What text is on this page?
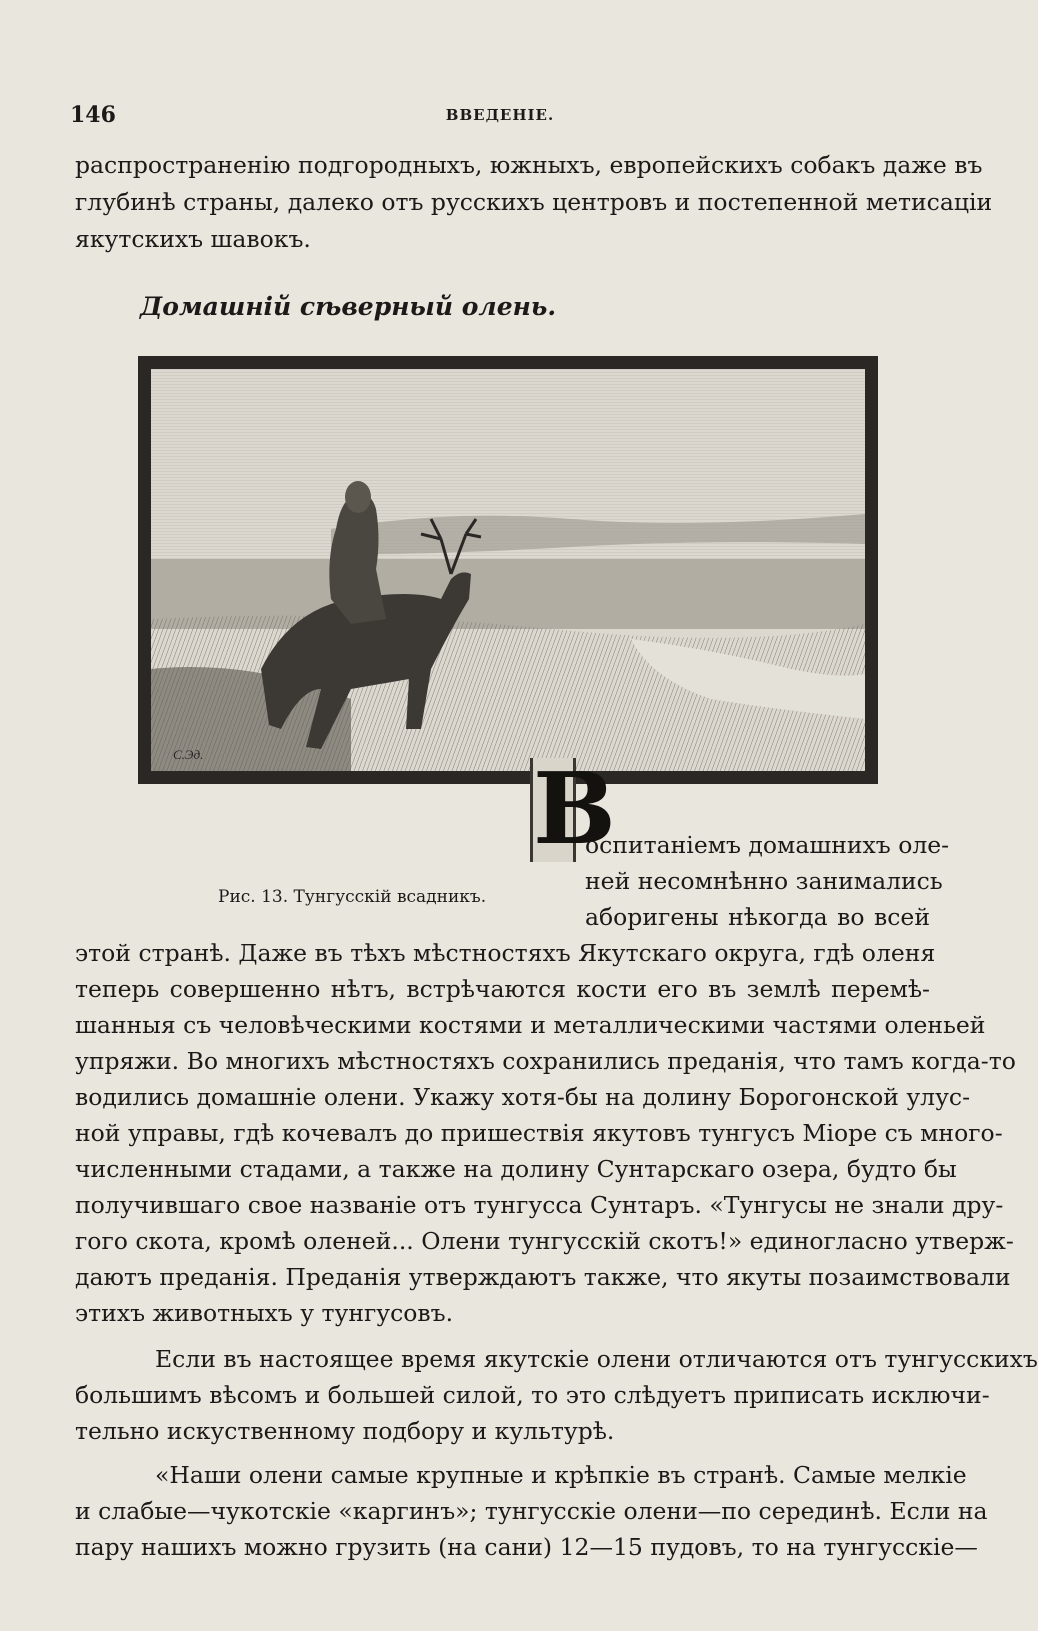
146	ВВЕДЕНІЕ.
распространенію подгородныхъ, южныхъ, европейскихъ собакъ даже въ
глубинѣ страны, далеко отъ русскихъ центровъ и постепенной метисаціи
якутскихъ шавокъ.
Домашній сѣверный олень.
С.Эд.	В
оспитаніемъ домашнихъ оле-
ней несомнѣнно занимались
аборигены нѣкогда во всей
Рис. 13. Тунгусскій всадникъ.
этой странѣ. Даже въ тѣхъ мѣстностяхъ Якутскаго округа, гдѣ оленя
теперь совершенно нѣтъ, встрѣчаются кости его въ землѣ перемѣ-
шанныя съ человѣческими костями и металлическими частями оленьей
упряжи. Во многихъ мѣстностяхъ сохранились преданія, что тамъ когда-то
водились домашніе олени. Укажу хотя-бы на долину Борогонской улус-
ной управы, гдѣ кочевалъ до пришествія якутовъ тунгусъ Міоре съ много-
численными стадами, а также на долину Сунтарскаго озера, будто бы
получившаго свое названіе отъ тунгусса Сунтаръ. «Тунгусы не знали дру-
гого скота, кромѣ оленей... Олени тунгусскій скотъ!» единогласно утверж-
даютъ преданія. Преданія утверждаютъ также, что якуты позаимствовали
этихъ животныхъ у тунгусовъ.
Если въ настоящее время якутскіе олени отличаются отъ тунгусскихъ
большимъ вѣсомъ и большей силой, то это слѣдуетъ приписать исключи-
тельно искуственному подбору и культурѣ.
«Наши олени самые крупные и крѣпкіе въ странѣ. Самые мелкіе
и слабые—чукотскіе «каргинъ»; тунгусскіе олени—по серединѣ. Если на
пару нашихъ можно грузить (на сани) 12—15 пудовъ, то на тунгусскіе—
